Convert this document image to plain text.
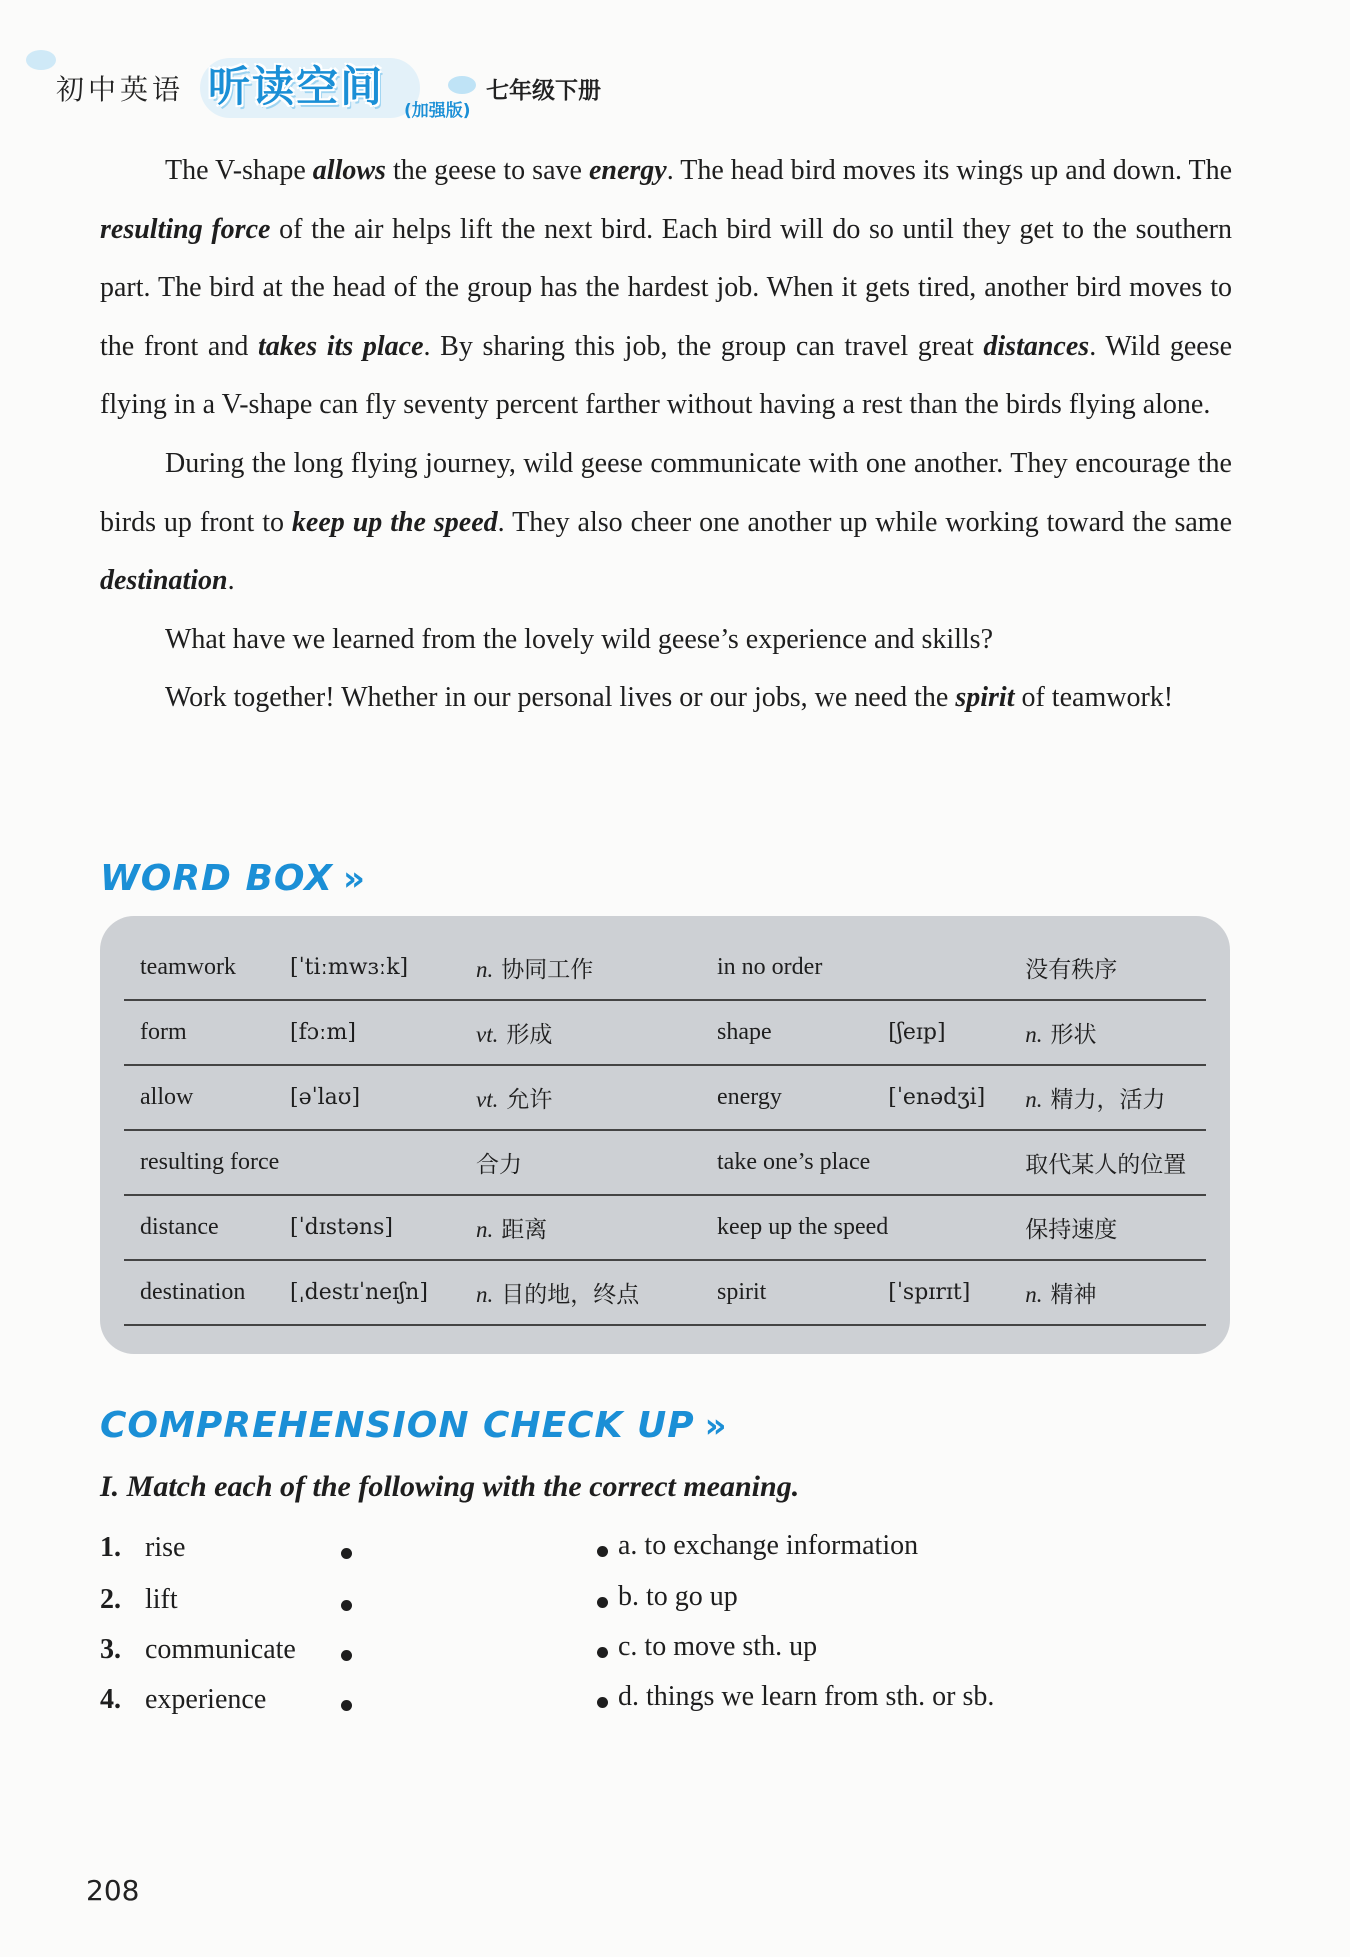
初中英语 听读空间 (加强版)
七年级下册

The V-shape allows the geese to save energy. The head bird moves its wings up and down. The resulting force of the air helps lift the next bird. Each bird will do so until they get to the southern part. The bird at the head of the group has the hardest job. When it gets tired, another bird moves to the front and takes its place. By sharing this job, the group can travel great distances. Wild geese flying in a V-shape can fly seventy percent farther without having a rest than the birds flying alone.

During the long flying journey, wild geese communicate with one another. They encourage the birds up front to keep up the speed. They also cheer one another up while working toward the same destination.

What have we learned from the lovely wild geese’s experience and skills?

Work together! Whether in our personal lives or our jobs, we need the spirit of teamwork!

WORD BOX »
teamwork	[ˈtiːmwɜːk]	n. 协同工作	in no order		没有秩序
form	[fɔːm]	vt. 形成	shape	[ʃeɪp]	n. 形状
allow	[əˈlaʊ]	vt. 允许	energy	[ˈenədʒi]	n. 精力，活力
resulting force		合力	take one’s place		取代某人的位置
distance	[ˈdɪstəns]	n. 距离	keep up the speed		保持速度
destination	[ˌdestɪˈneɪʃn]	n. 目的地，终点	spirit	[ˈspɪrɪt]	n. 精神
COMPREHENSION CHECK UP »

I. Match each of the following with the correct meaning.

1. rise
2. lift
3. communicate
4. experience
a. to exchange information
b. to go up
c. to move sth. up
d. things we learn from sth. or sb.
208
